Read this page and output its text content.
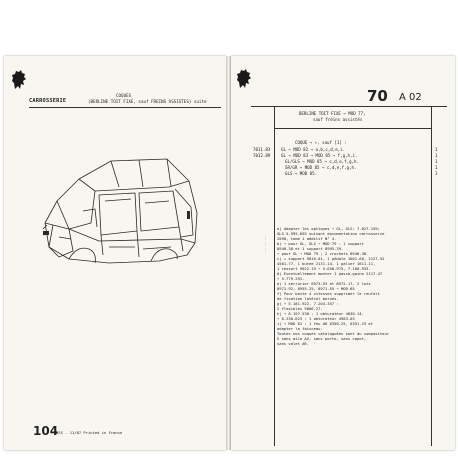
CARROSSERIE
COQUES
(BERLINE TOIT FIXE, sauf FREINS ASSISTES) suite
104
ESS - 11/87 Printed in France
70 A 02
BERLINE TOIT FIXE → MOD 77,
sauf freins assistés
COQUE → ↑, sauf [1] :
7011.83	GL → MOD 82 → a,b,c,d,e,i.	1
7012.89	GL → MOD 83 → MOD 85 → f,g,h,i.	1
GL/GLS → MOD 85 → c,d,e,f,g,h.	1
SR/GR → MOD 85 → c,d,e,f,g,h.	1
GLS → MOD 85.	1
-- -- --
a) Adapter les optiques → GL, GLS: 7.027.159;
GLS 5.995.655 suivant documentation carrosserie
2090, tome 1 additif N° 4.
b) → pour GL, GLS → MOD 79 : 1 support
8940.38 et 1 support 8995.39.
→ pour GL → MOD 79 ; 2 crochets 8940.38
c) + support 9010.01, 1 pédale 1601.60, 2127.52
4501.77, 1 butee 2131.14, 1 palier 1611.11,
1 ressort 9022.19 → 5.650.975, 7.168.933.
d) Eventuellement monter 1 passe-gaine 2117.47
→ 5.779.291.
e) 1 serrurier 8973.53 et 8972.17, 2 lots
8971.92, 6955.25, 8971.55 → MOD 85
f) Pour boite 4 vitesses supprimer le renfort
de fixation latéral bornes.
g) → 5.181.922, 7.204.357 :
2 flexibles 9806.27.
h) → 6.197.530 : 1 obturateur 4030.14.
→ 6.230.623 : 1 obturateur 4983.03
i) → MOD 81 : 1 feu AR 6350.25, 6351.19 et
adapter la faisceau.
Toutes nos coques cataloguées sont du compositeur
S sans aile AV, sans porte, sans capot,
sans volet AR.
